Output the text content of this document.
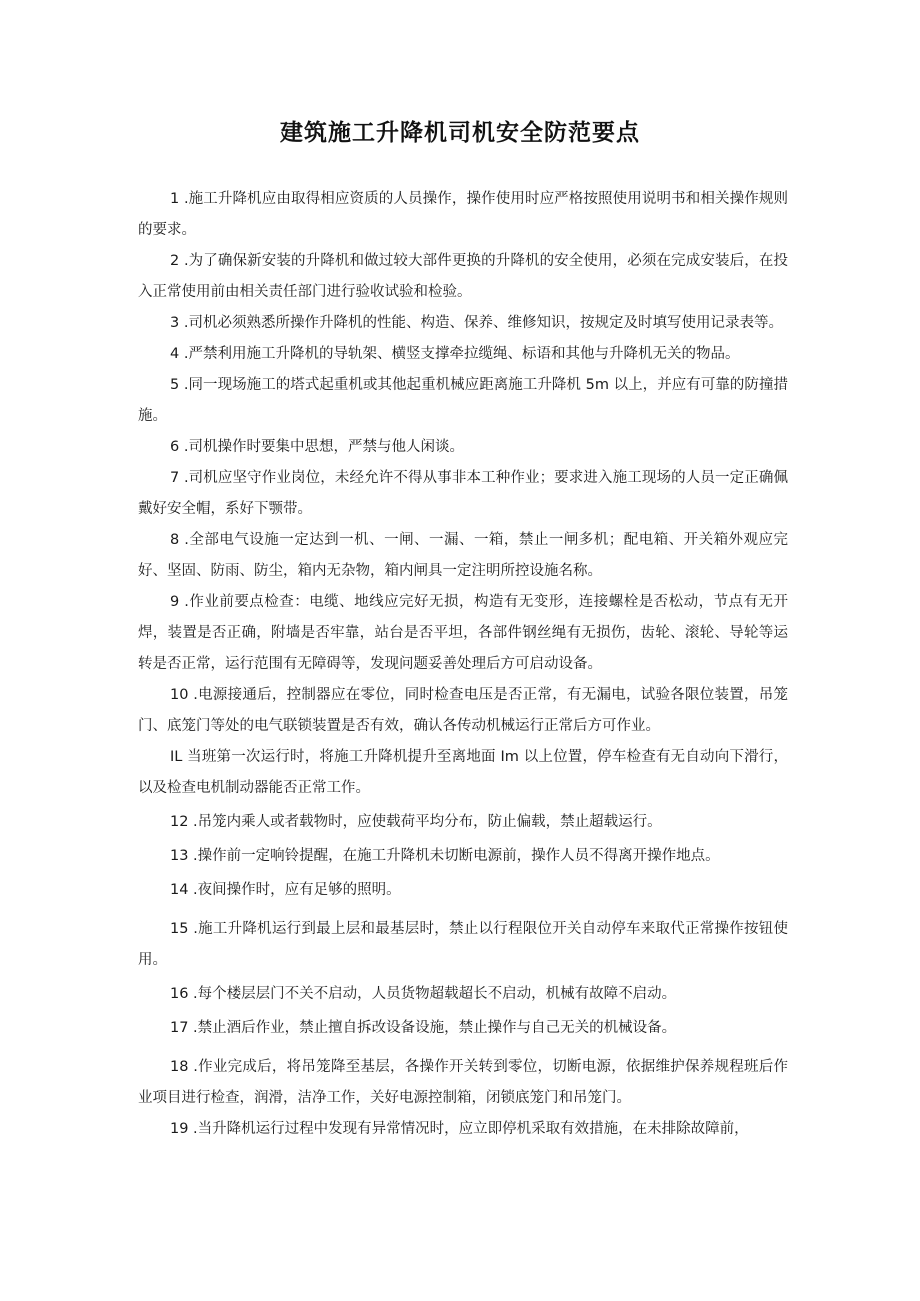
建筑施工升降机司机安全防范要点

1 .施工升降机应由取得相应资质的人员操作，操作使用时应严格按照使用说明书和相关操作规则的要求。

2 .为了确保新安装的升降机和做过较大部件更换的升降机的安全使用，必须在完成安装后，在投入正常使用前由相关责任部门进行验收试验和检验。

3 .司机必须熟悉所操作升降机的性能、构造、保养、维修知识，按规定及时填写使用记录表等。

4 .严禁利用施工升降机的导轨架、横竖支撑牵拉缆绳、标语和其他与升降机无关的物品。

5 .同一现场施工的塔式起重机或其他起重机械应距离施工升降机 5m 以上，并应有可靠的防撞措施。

6 .司机操作时要集中思想，严禁与他人闲谈。

7 .司机应坚守作业岗位，未经允许不得从事非本工种作业；要求进入施工现场的人员一定正确佩戴好安全帽，系好下颚带。

8 .全部电气设施一定达到一机、一闸、一漏、一箱，禁止一闸多机；配电箱、开关箱外观应完好、坚固、防雨、防尘，箱内无杂物，箱内闸具一定注明所控设施名称。

9 .作业前要点检查：电缆、地线应完好无损，构造有无变形，连接螺栓是否松动，节点有无开焊，装置是否正确，附墙是否牢靠，站台是否平坦，各部件钢丝绳有无损伤，齿轮、滚轮、导轮等运转是否正常，运行范围有无障碍等，发现问题妥善处理后方可启动设备。

10 .电源接通后，控制器应在零位，同时检查电压是否正常，有无漏电，试验各限位装置，吊笼门、底笼门等处的电气联锁装置是否有效，确认各传动机械运行正常后方可作业。

IL 当班第一次运行时，将施工升降机提升至离地面 Im 以上位置，停车检查有无自动向下滑行，以及检查电机制动器能否正常工作。

12 .吊笼内乘人或者载物时，应使载荷平均分布，防止偏载，禁止超载运行。

13 .操作前一定响铃提醒，在施工升降机未切断电源前，操作人员不得离开操作地点。

14 .夜间操作时，应有足够的照明。

15 .施工升降机运行到最上层和最基层时，禁止以行程限位开关自动停车来取代正常操作按钮使用。

16 .每个楼层层门不关不启动，人员货物超载超长不启动，机械有故障不启动。

17 .禁止酒后作业，禁止擅自拆改设备设施，禁止操作与自己无关的机械设备。

18 .作业完成后，将吊笼降至基层，各操作开关转到零位，切断电源，依据维护保养规程班后作业项目进行检查，润滑，洁净工作，关好电源控制箱，闭锁底笼门和吊笼门。

19 .当升降机运行过程中发现有异常情况时，应立即停机采取有效措施，在未排除故障前，
